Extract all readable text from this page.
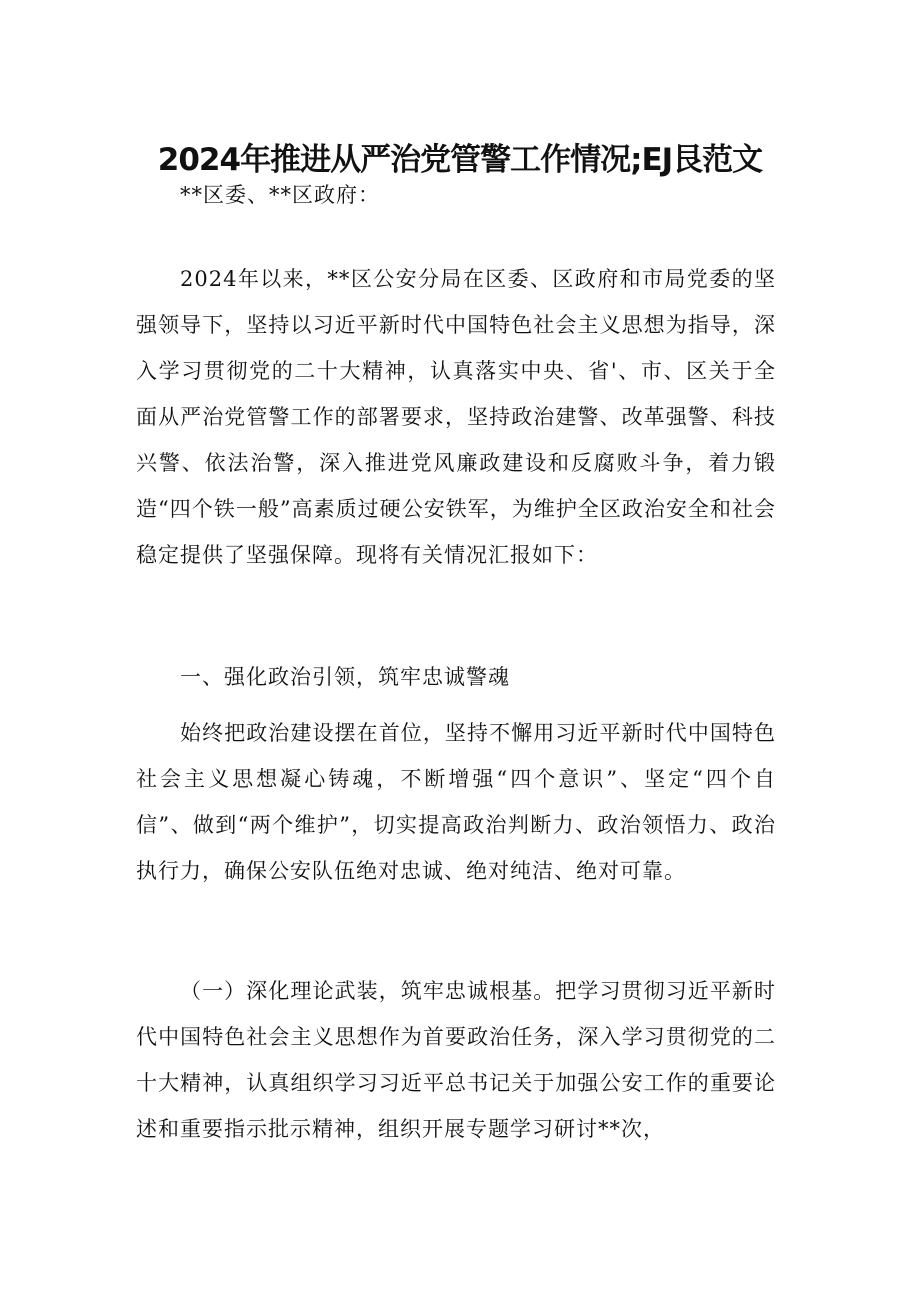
2024年推进从严治党管警工作情况;EJ艮范文

**区委、**区政府：

2024年以来，**区公安分局在区委、区政府和市局党委的坚强领导下，坚持以习近平新时代中国特色社会主义思想为指导，深入学习贯彻党的二十大精神，认真落实中央、省'、市、区关于全面从严治党管警工作的部署要求，坚持政治建警、改革强警、科技兴警、依法治警，深入推进党风廉政建设和反腐败斗争，着力锻造“四个铁一般”高素质过硬公安铁军，为维护全区政治安全和社会稳定提供了坚强保障。现将有关情况汇报如下：

一、强化政治引领，筑牢忠诚警魂

始终把政治建设摆在首位，坚持不懈用习近平新时代中国特色社会主义思想凝心铸魂，不断增强“四个意识”、坚定“四个自信”、做到“两个维护”，切实提高政治判断力、政治领悟力、政治执行力，确保公安队伍绝对忠诚、绝对纯洁、绝对可靠。

（一）深化理论武装，筑牢忠诚根基。把学习贯彻习近平新时代中国特色社会主义思想作为首要政治任务，深入学习贯彻党的二十大精神，认真组织学习习近平总书记关于加强公安工作的重要论述和重要指示批示精神，组织开展专题学习研讨**次，
